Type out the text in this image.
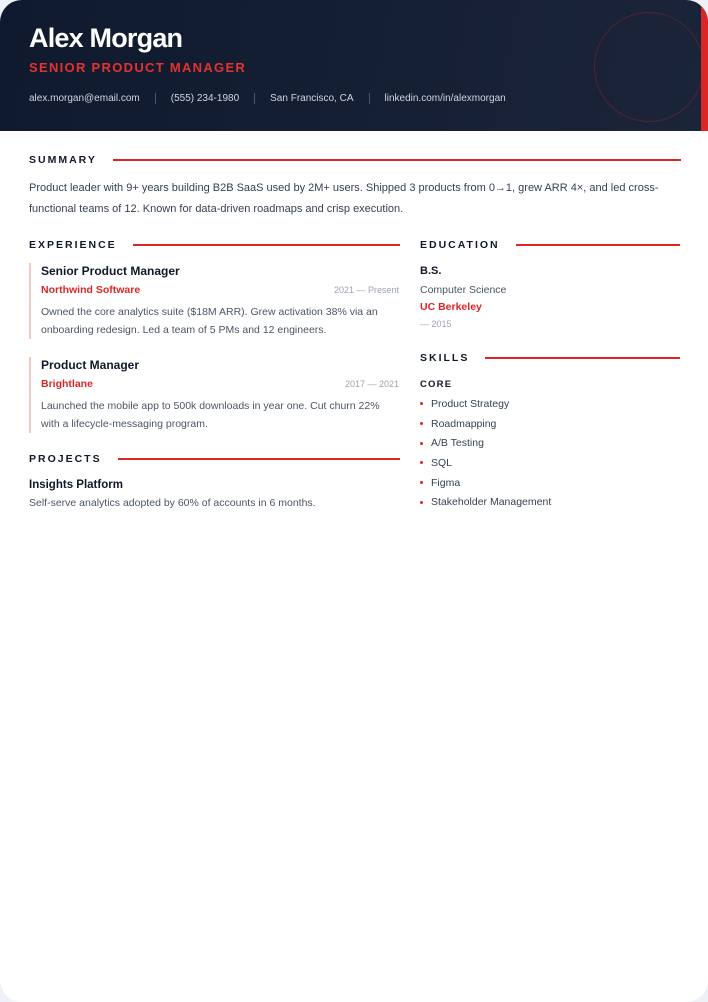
Alex Morgan
SENIOR PRODUCT MANAGER
alex.morgan@email.com	(555) 234-1980	San Francisco, CA	linkedin.com/in/alexmorgan
SUMMARY

Product leader with 9+ years building B2B SaaS used by 2M+ users. Shipped 3 products from 0→1, grew ARR 4×, and led cross-functional teams of 12. Known for data-driven roadmaps and crisp execution.

EXPERIENCE
Senior Product Manager
Northwind Software	2021 — Present
Owned the core analytics suite ($18M ARR). Grew activation 38% via an onboarding redesign. Led a team of 5 PMs and 12 engineers.
Product Manager
Brightlane	2017 — 2021
Launched the mobile app to 500k downloads in year one. Cut churn 22% with a lifecycle-messaging program.
PROJECTS
Insights Platform
Self-serve analytics adopted by 60% of accounts in 6 months.
EDUCATION
B.S.
Computer Science
UC Berkeley
— 2015
SKILLS
CORE
Product Strategy
Roadmapping
A/B Testing
SQL
Figma
Stakeholder Management
